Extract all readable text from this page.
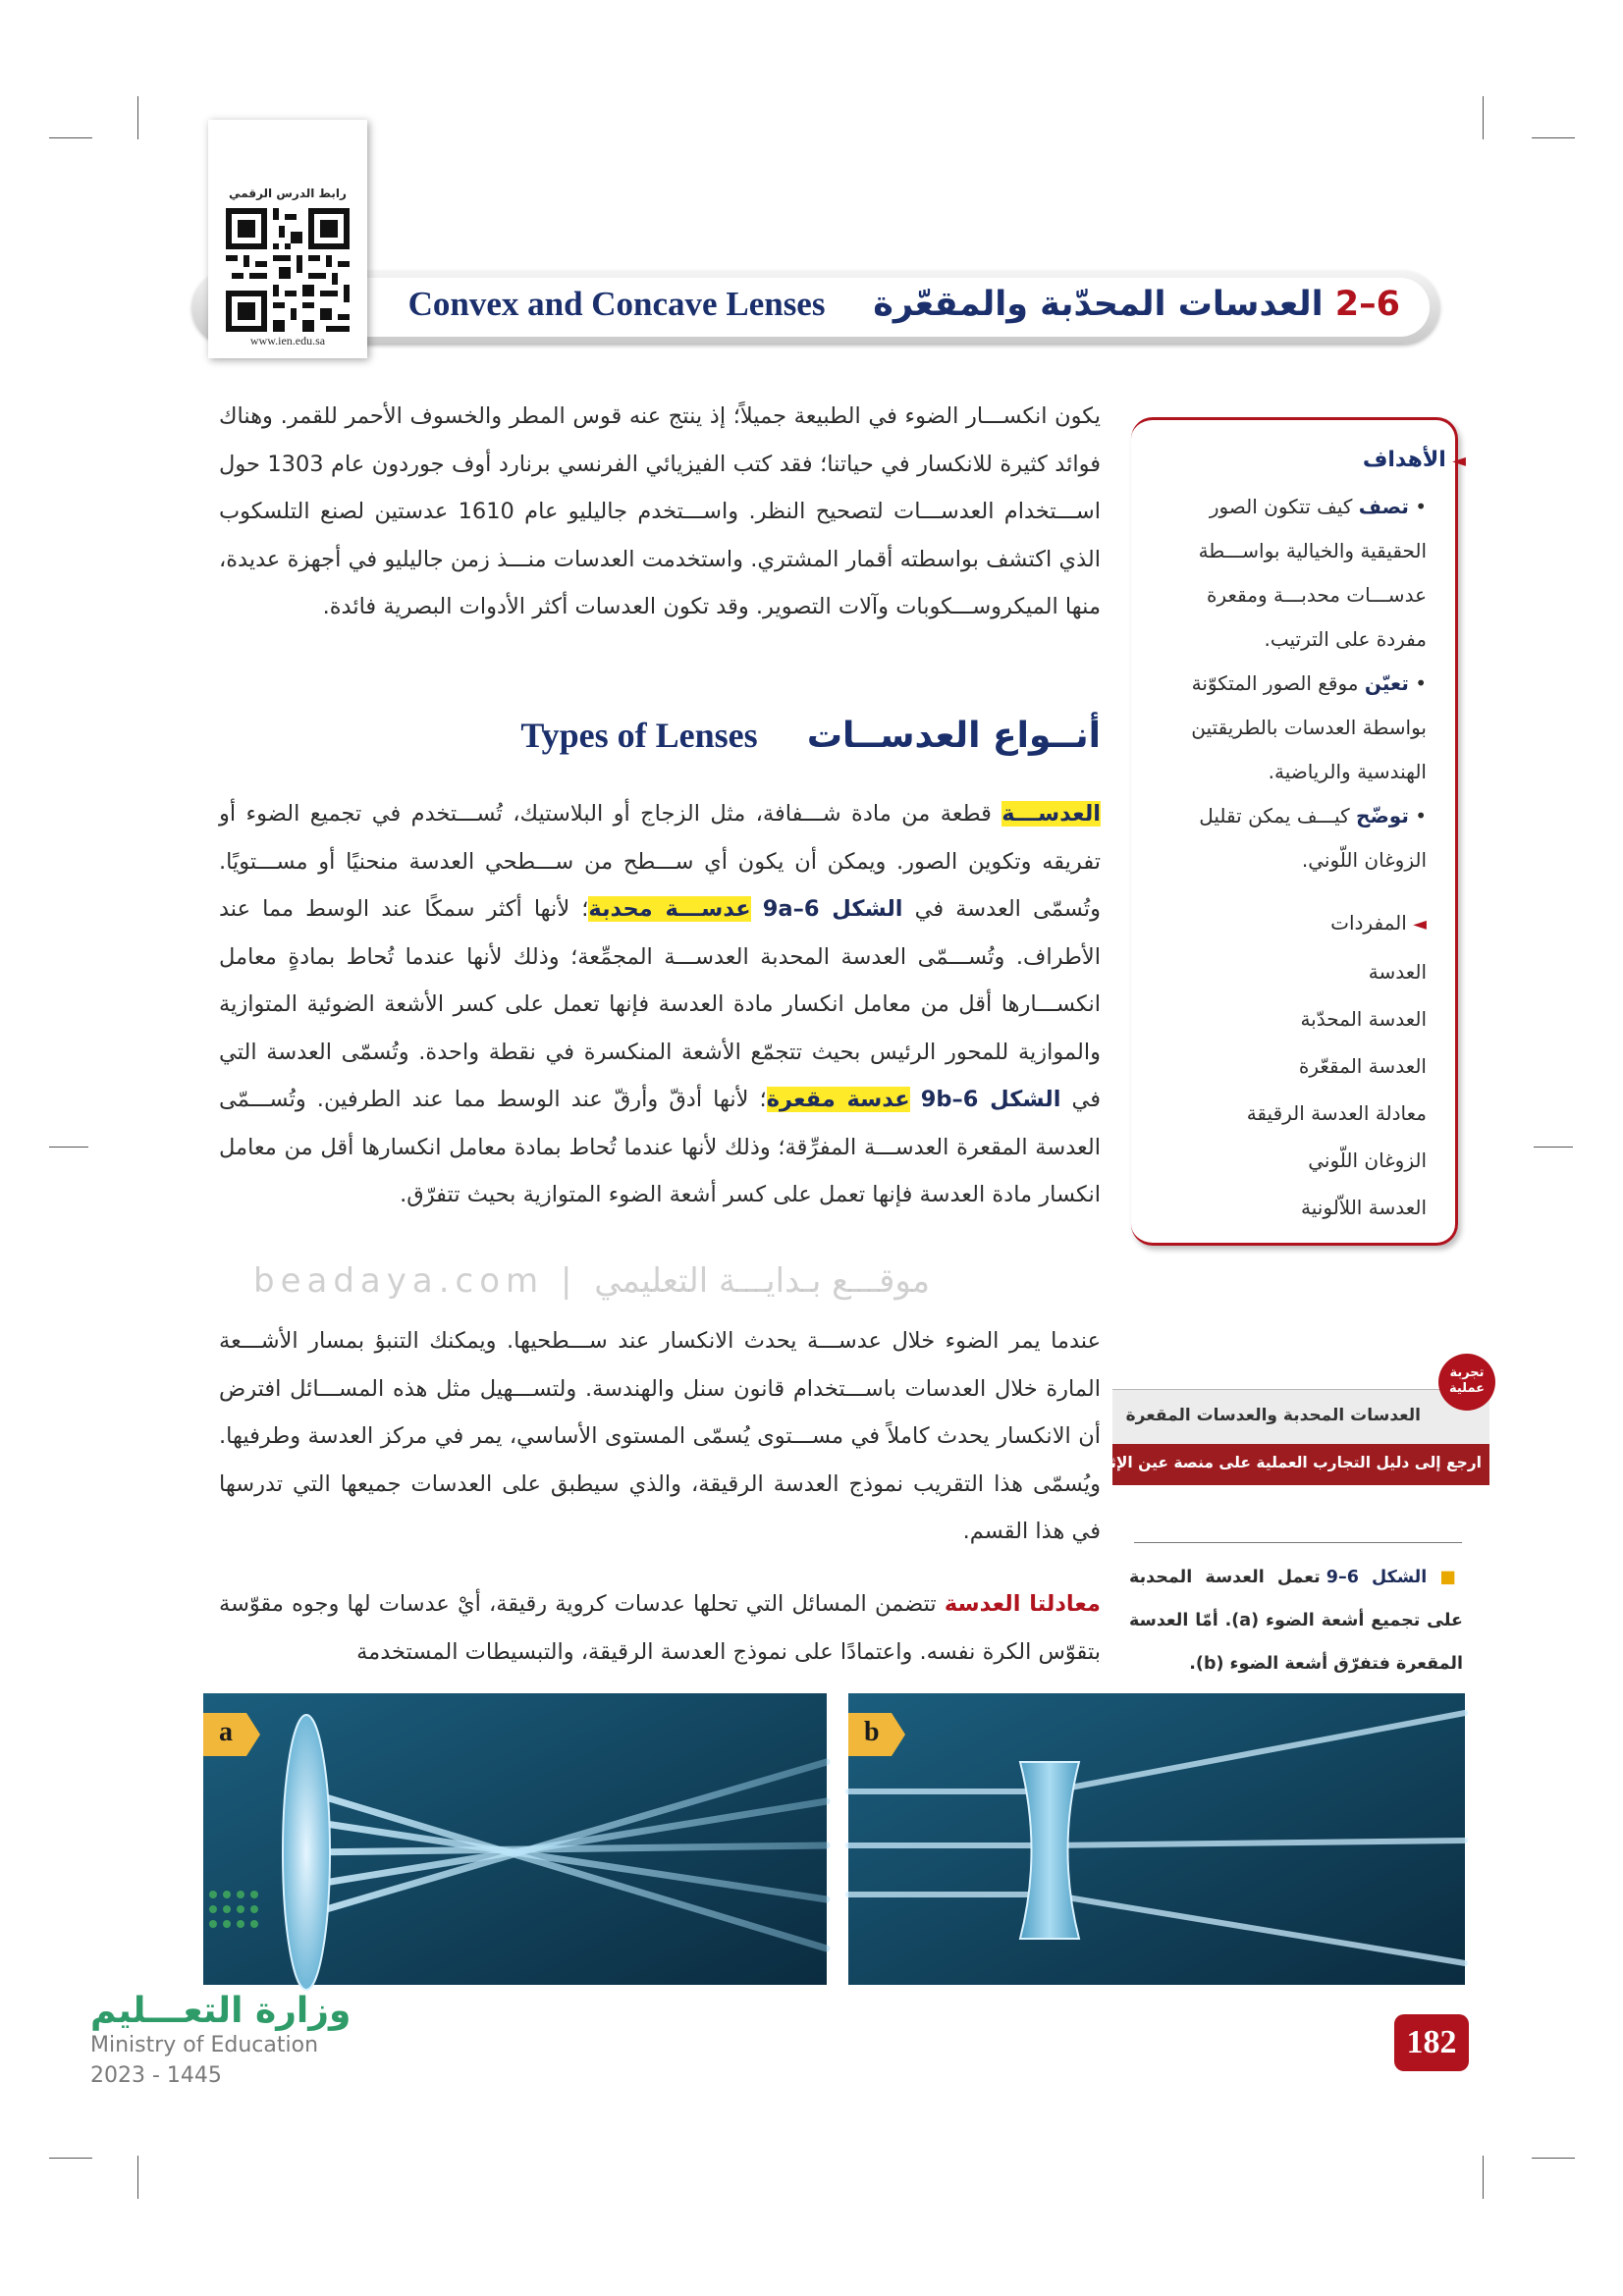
6–2 العدسات المحدّبة والمقعّرة    Convex and Concave Lenses
رابط الدرس الرقمي
www.ien.edu.sa
يكون انكســـار الضوء في الطبيعة جميلاً؛ إذ ينتج عنه قوس المطر والخسوف الأحمر للقمر. وهناك فوائد كثيرة للانكسار في حياتنا؛ فقد كتب الفيزيائي الفرنسي برنارد أوف جوردون عام 1303 حول اســـتخدام العدســـات لتصحيح النظر. واســـتخدم جاليليو عام 1610 عدستين لصنع التلسكوب الذي اكتشف بواسطته أقمار المشتري. واستخدمت العدسات منـــذ زمن جاليليو في أجهزة عديدة، منها الميكروســـكوبات وآلات التصوير. وقد تكون العدسات أكثر الأدوات البصرية فائدة.
أنــواع العدســات    Types of Lenses
العدســـة قطعة من مادة شـــفافة، مثل الزجاج أو البلاستيك، تُســـتخدم في تجميع الضوء أو تفريقه وتكوين الصور. ويمكن أن يكون أي ســـطح من ســـطحي العدسة منحنيًا أو مســـتويًا. وتُسمّى العدسة في الشكل 6–9a عدســـة محدبة؛ لأنها أكثر سمكًا عند الوسط مما عند الأطراف. وتُســـمّى العدسة المحدبة العدســـة المجمِّعة؛ وذلك لأنها عندما تُحاط بمادةٍ معامل انكســـارها أقل من معامل انكسار مادة العدسة فإنها تعمل على كسر الأشعة الضوئية المتوازية والموازية للمحور الرئيس بحيث تتجمّع الأشعة المنكسرة في نقطة واحدة. وتُسمّى العدسة التي في الشكل 6–9b عدسة مقعرة؛ لأنها أدقّ وأرقّ عند الوسط مما عند الطرفين. وتُســـمّى العدسة المقعرة العدســـة المفرِّقة؛ وذلك لأنها عندما تُحاط بمادة معامل انكسارها أقل من معامل انكسار مادة العدسة فإنها تعمل على كسر أشعة الضوء المتوازية بحيث تتفرّق.
beadaya.com | موقـــع بـدايـــة التعليمي
عندما يمر الضوء خلال عدســـة يحدث الانكسار عند ســـطحيها. ويمكنك التنبؤ بمسار الأشـــعة المارة خلال العدسات باســـتخدام قانون سنل والهندسة. ولتســـهيل مثل هذه المســـائل افترض أن الانكسار يحدث كاملاً في مســـتوى يُسمّى المستوى الأساسي، يمر في مركز العدسة وطرفيها. ويُسمّى هذا التقريب نموذج العدسة الرقيقة، والذي سيطبق على العدسات جميعها التي تدرسها في هذا القسم.
معادلتا العدسة تتضمن المسائل التي تحلها عدسات كروية رقيقة، أيْ عدسات لها وجوه مقوّسة بتقوّس الكرة نفسه. واعتمادًا على نموذج العدسة الرقيقة، والتبسيطات المستخدمة
◄ الأهداف
• تصف كيف تتكون الصور الحقيقية والخيالية بواســـطة عدســـات محدبـــة ومقعرة مفردة على الترتيب.
• تعيّن موقع الصور المتكوّنة بواسطة العدسات بالطريقتين الهندسية والرياضية.
• توضّح كيـــف يمكن تقليل الزوغان اللّوني.
◄ المفردات
العدسة
العدسة المحدّبة
العدسة المقعّرة
معادلة العدسة الرقيقة
الزوغان اللّوني
العدسة اللاّلونية
العدسات المحدبة والعدسات المقعرة
ارجع إلى دليل التجارب العملية على منصة عين الإثرائية
تجربة عملية
■ الشكل 6–9 تعمل العدسة المحدبة على تجميع أشعة الضوء (a). أمّا العدسة المقعرة فتفرّق أشعة الضوء (b).
a	b
وزارة التعـــليم
Ministry of Education
2023 - 1445
182
